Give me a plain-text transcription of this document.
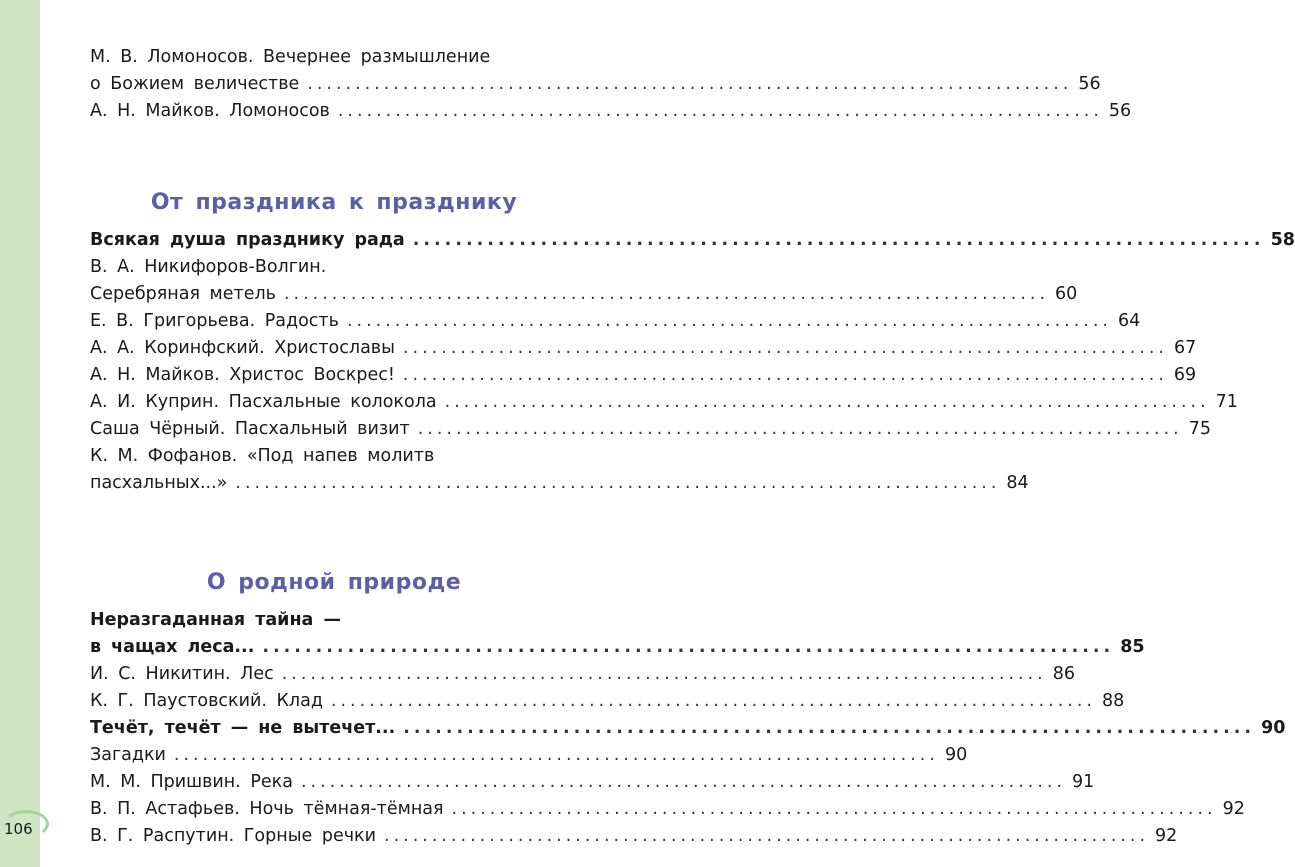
М. В. Ломоносов. Вечернее размышление
о Божием величестве ................................................................................ 56
А. Н. Майков. Ломоносов ................................................................................ 56
От праздника к празднику
Всякая душа празднику рада ................................................................................ 58
В. А. Никифоров-Волгин.
Серебряная метель ................................................................................ 60
Е. В. Григорьева. Радость ................................................................................ 64
А. А. Коринфский. Христославы ................................................................................ 67
А. Н. Майков. Христос Воскрес! ................................................................................ 69
А. И. Куприн. Пасхальные колокола ................................................................................ 71
Саша Чёрный. Пасхальный визит ................................................................................ 75
К. М. Фофанов. «Под напев молитв
пасхальных...» ................................................................................ 84
О родной природе
Неразгаданная тайна —
в чащах леса... ................................................................................ 85
И. С. Никитин. Лес ................................................................................ 86
К. Г. Паустовский. Клад ................................................................................ 88
Течёт, течёт — не вытечет... ................................................................................ 90
Загадки ................................................................................ 90
М. М. Пришвин. Река ................................................................................ 91
В. П. Астафьев. Ночь тёмная-тёмная ................................................................................ 92
В. Г. Распутин. Горные речки ................................................................................ 92
106
